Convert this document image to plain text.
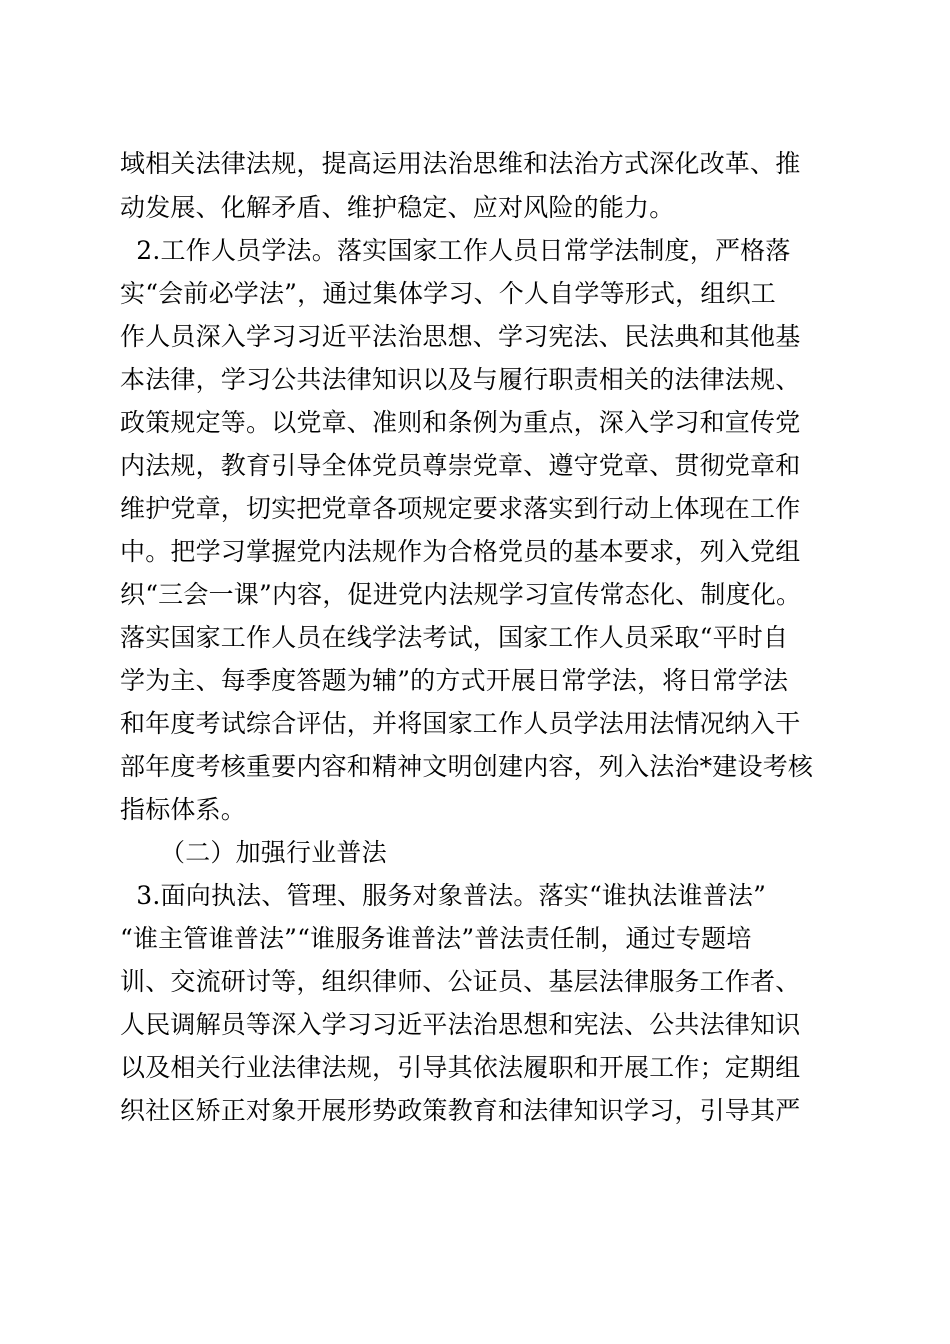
域相关法律法规，提高运用法治思维和法治方式深化改革、推
动发展、化解矛盾、维护稳定、应对风险的能力。
2.工作人员学法。落实国家工作人员日常学法制度，严格落
实“会前必学法”，通过集体学习、个人自学等形式，组织工
作人员深入学习习近平法治思想、学习宪法、民法典和其他基
本法律，学习公共法律知识以及与履行职责相关的法律法规、
政策规定等。以党章、准则和条例为重点，深入学习和宣传党
内法规，教育引导全体党员尊崇党章、遵守党章、贯彻党章和
维护党章，切实把党章各项规定要求落实到行动上体现在工作
中。把学习掌握党内法规作为合格党员的基本要求，列入党组
织“三会一课”内容，促进党内法规学习宣传常态化、制度化。
落实国家工作人员在线学法考试，国家工作人员采取“平时自
学为主、每季度答题为辅”的方式开展日常学法，将日常学法
和年度考试综合评估，并将国家工作人员学法用法情况纳入干
部年度考核重要内容和精神文明创建内容，列入法治*建设考核
指标体系。
（二）加强行业普法
3.面向执法、管理、服务对象普法。落实“谁执法谁普法”
“谁主管谁普法”“谁服务谁普法”普法责任制，通过专题培
训、交流研讨等，组织律师、公证员、基层法律服务工作者、
人民调解员等深入学习习近平法治思想和宪法、公共法律知识
以及相关行业法律法规，引导其依法履职和开展工作；定期组
织社区矫正对象开展形势政策教育和法律知识学习，引导其严
